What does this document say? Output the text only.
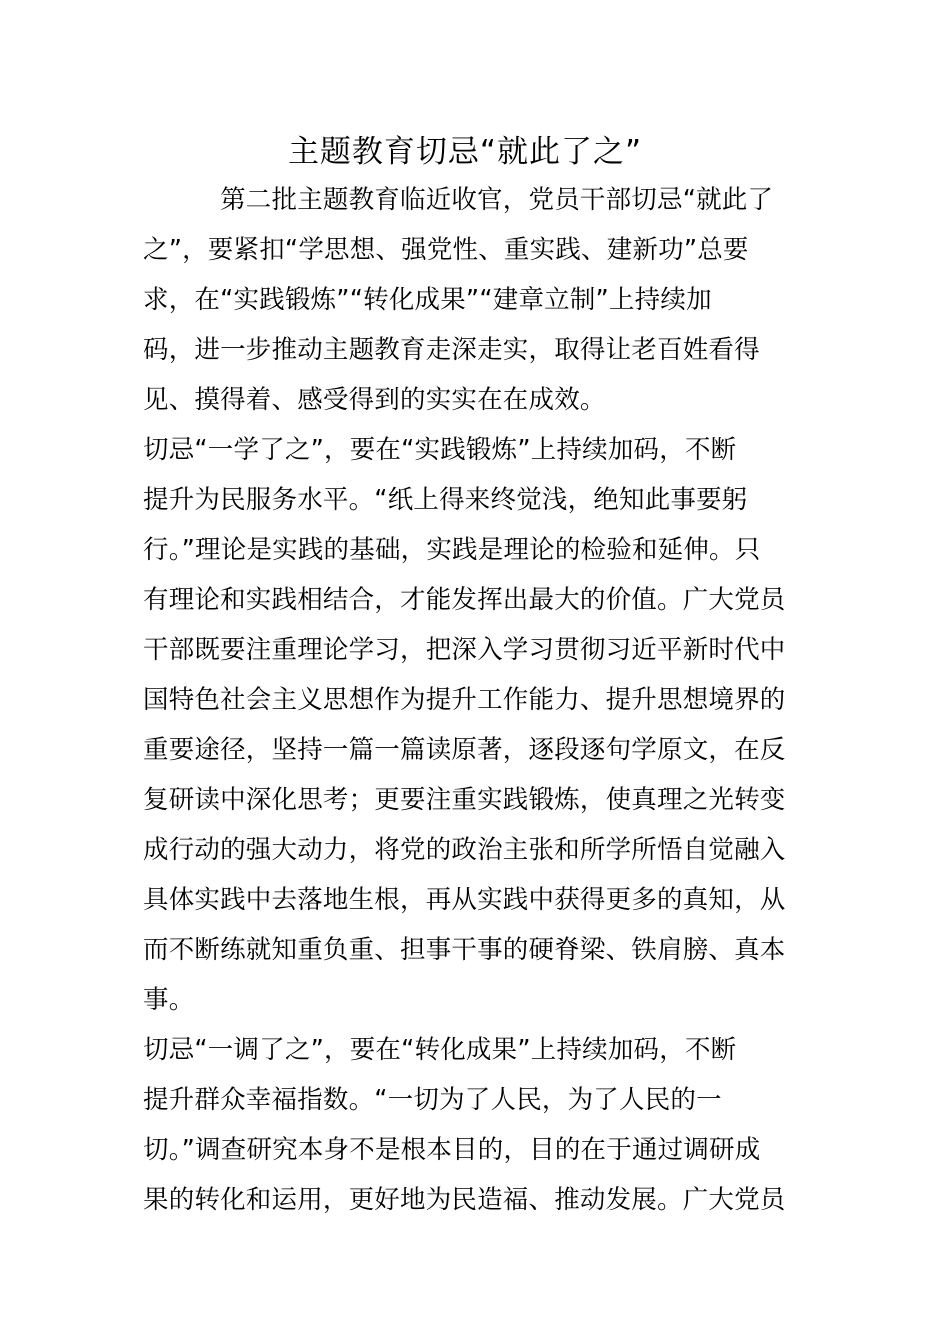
主题教育切忌“就此了之”
　　　第二批主题教育临近收官，党员干部切忌“就此了
之”，要紧扣“学思想、强党性、重实践、建新功”总要
求，在“实践锻炼”“转化成果”“建章立制”上持续加
码，进一步推动主题教育走深走实，取得让老百姓看得
见、摸得着、感受得到的实实在在成效。
切忌“一学了之”，要在“实践锻炼”上持续加码，不断
提升为民服务水平。“纸上得来终觉浅，绝知此事要躬
行。”理论是实践的基础，实践是理论的检验和延伸。只
有理论和实践相结合，才能发挥出最大的价值。广大党员
干部既要注重理论学习，把深入学习贯彻习近平新时代中
国特色社会主义思想作为提升工作能力、提升思想境界的
重要途径，坚持一篇一篇读原著，逐段逐句学原文，在反
复研读中深化思考；更要注重实践锻炼，使真理之光转变
成行动的强大动力，将党的政治主张和所学所悟自觉融入
具体实践中去落地生根，再从实践中获得更多的真知，从
而不断练就知重负重、担事干事的硬脊梁、铁肩膀、真本
事。
切忌“一调了之”，要在“转化成果”上持续加码，不断
提升群众幸福指数。“一切为了人民，为了人民的一
切。”调查研究本身不是根本目的，目的在于通过调研成
果的转化和运用，更好地为民造福、推动发展。广大党员
